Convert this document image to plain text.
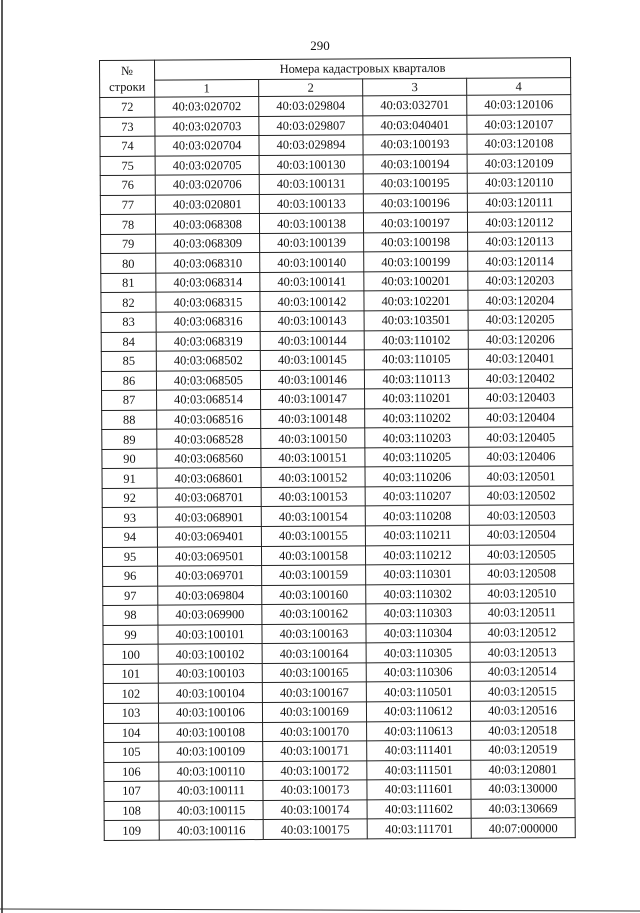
290
№
строки	Номера кадастровых кварталов			
	1	2	3	4
72	40:03:020702	40:03:029804	40:03:032701	40:03:120106
73	40:03:020703	40:03:029807	40:03:040401	40:03:120107
74	40:03:020704	40:03:029894	40:03:100193	40:03:120108
75	40:03:020705	40:03:100130	40:03:100194	40:03:120109
76	40:03:020706	40:03:100131	40:03:100195	40:03:120110
77	40:03:020801	40:03:100133	40:03:100196	40:03:120111
78	40:03:068308	40:03:100138	40:03:100197	40:03:120112
79	40:03:068309	40:03:100139	40:03:100198	40:03:120113
80	40:03:068310	40:03:100140	40:03:100199	40:03:120114
81	40:03:068314	40:03:100141	40:03:100201	40:03:120203
82	40:03:068315	40:03:100142	40:03:102201	40:03:120204
83	40:03:068316	40:03:100143	40:03:103501	40:03:120205
84	40:03:068319	40:03:100144	40:03:110102	40:03:120206
85	40:03:068502	40:03:100145	40:03:110105	40:03:120401
86	40:03:068505	40:03:100146	40:03:110113	40:03:120402
87	40:03:068514	40:03:100147	40:03:110201	40:03:120403
88	40:03:068516	40:03:100148	40:03:110202	40:03:120404
89	40:03:068528	40:03:100150	40:03:110203	40:03:120405
90	40:03:068560	40:03:100151	40:03:110205	40:03:120406
91	40:03:068601	40:03:100152	40:03:110206	40:03:120501
92	40:03:068701	40:03:100153	40:03:110207	40:03:120502
93	40:03:068901	40:03:100154	40:03:110208	40:03:120503
94	40:03:069401	40:03:100155	40:03:110211	40:03:120504
95	40:03:069501	40:03:100158	40:03:110212	40:03:120505
96	40:03:069701	40:03:100159	40:03:110301	40:03:120508
97	40:03:069804	40:03:100160	40:03:110302	40:03:120510
98	40:03:069900	40:03:100162	40:03:110303	40:03:120511
99	40:03:100101	40:03:100163	40:03:110304	40:03:120512
100	40:03:100102	40:03:100164	40:03:110305	40:03:120513
101	40:03:100103	40:03:100165	40:03:110306	40:03:120514
102	40:03:100104	40:03:100167	40:03:110501	40:03:120515
103	40:03:100106	40:03:100169	40:03:110612	40:03:120516
104	40:03:100108	40:03:100170	40:03:110613	40:03:120518
105	40:03:100109	40:03:100171	40:03:111401	40:03:120519
106	40:03:100110	40:03:100172	40:03:111501	40:03:120801
107	40:03:100111	40:03:100173	40:03:111601	40:03:130000
108	40:03:100115	40:03:100174	40:03:111602	40:03:130669
109	40:03:100116	40:03:100175	40:03:111701	40:07:000000
